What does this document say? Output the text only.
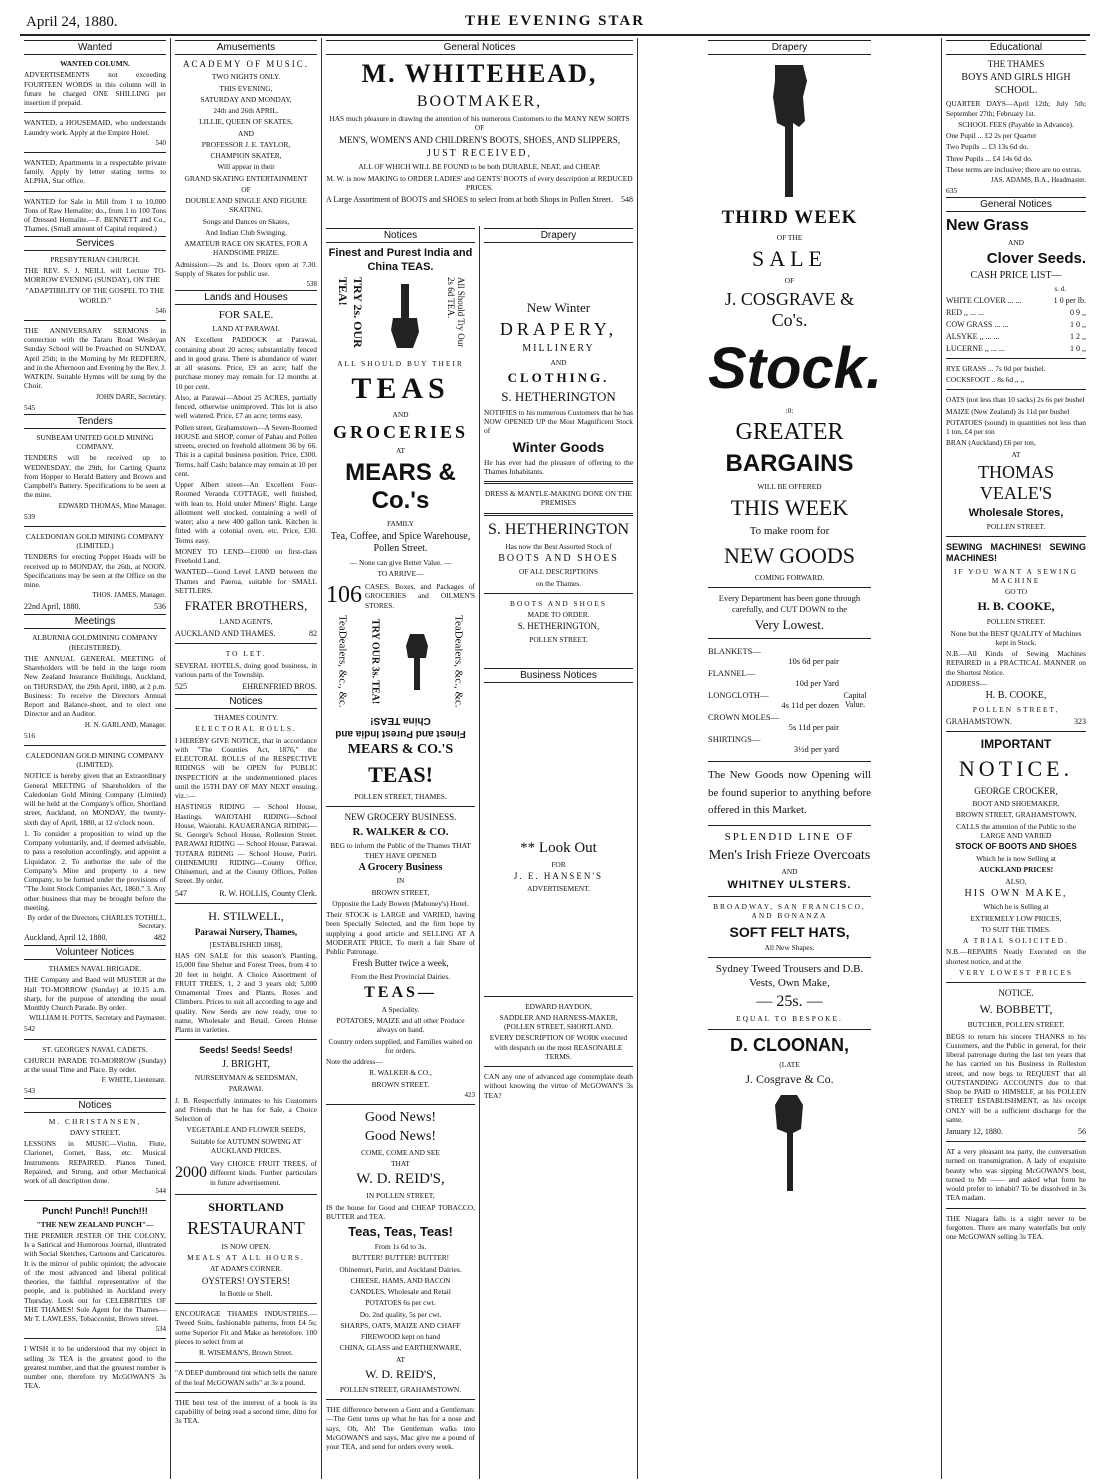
April 24, 1880.	THE EVENING STAR
Wanted
WANTED COLUMN.
ADVERTISEMENTS not exceeding FOURTEEN WORDS in this column will in future be charged ONE SHILLING per insertion if prepaid.
WANTED, a HOUSEMAID, who understands Laundry work. Apply at the Empire Hotel.
540
WANTED, Apartments in a respectable private family. Apply by letter stating terms to ALPHA, Star office.
WANTED for Sale in Mill from 1 to 10,000 Tons of Raw Hemalite; do., from 1 to 100 Tons of Dressed Hemalite.—F. BENNETT and Co., Thames. (Small amount of Capital required.)
Services
PRESBYTERIAN CHURCH.
THE REV. S. J. NEILL will Lecture TO-MORROW EVENING (SUNDAY), ON THE
"ADAPTIBILITY OF THE GOSPEL TO THE WORLD."
546
THE ANNIVERSARY SERMONS in connection with the Tararu Road Wesleyan Sunday School will be Preached on SUNDAY, April 25th; in the Morning by Mr REDFERN, and in the Afternoon and Evening by the Rev. J. WATKIN. Suitable Hymns will be sung by the Choir.
JOHN DARE, Secretary.
545
Tenders
SUNBEAM UNITED GOLD MINING COMPANY.
TENDERS will be received up to WEDNESDAY, the 29th, for Carting Quartz from Hopper to Herald Battery and Brown and Campbell's Battery. Specifications to be seen at the mine.
EDWARD THOMAS, Mine Manager.
539
CALEDONIAN GOLD MINING COMPANY (LIMITED.)
TENDERS for erecting Poppet Heads will be received up to MONDAY, the 26th, at NOON. Specifications may be seen at the Office on the mine.
THOS. JAMES, Manager.
22nd April, 1880.	536
Meetings
ALBURNIA GOLDMINING COMPANY (REGISTERED).
THE ANNUAL GENERAL MEETING of Shareholders will be held in the large room New Zealand Insurance Buildings, Auckland, on THURSDAY, the 29th April, 1880, at 2 p.m. Business: To receive the Directors Annual Report and Balance-sheet, and to elect one Director and an Auditor.
H. N. GARLAND, Manager.
516
CALEDONIAN GOLD MINING COMPANY (LIMITED).
NOTICE is hereby given that an Extraordinary General MEETING of Shareholders of the Caledonian Gold Mining Company (Limited) will be held at the Company's office, Shortland street, Auckland, on MONDAY, the twenty-sixth day of April, 1880, at 12 o'clock noon.
1. To consider a proposition to wind up the Company voluntarily, and, if deemed advisable, to pass a resolution accordingly, and appoint a Liquidator. 2. To authorise the sale of the Company's Mine and property to a new Company, to be formed under the provisions of "The Joint Stock Companies Act, 1860." 3. Any other business that may be brought before the meeting.
By order of the Directors, CHARLES TOTHILL, Secretary.
Auckland, April 12, 1880.	482
Volunteer Notices
THAMES NAVAL BRIGADE.
THE Company and Band will MUSTER at the Hall TO-MORROW (Sunday) at 10.15 a.m. sharp, for the purpose of attending the usual Monthly Church Parade. By order.
WILLIAM H. POTTS, Secretary and Paymaster.
542
ST. GEORGE'S NAVAL CADETS.
CHURCH PARADE TO-MORROW (Sunday) at the usual Time and Place. By order.
F. WHITE, Lieutenant.
543
Notices
M. CHRISTANSEN,
DAVY STREET,
LESSONS in MUSIC—Violin, Flute, Clarionet, Cornet, Bass, etc. Musical Instruments REPAIRED. Pianos Tuned, Repaired, and Strung, and other Mechanical work of all description done.
544
Punch! Punch!! Punch!!!
"THE NEW ZEALAND PUNCH"—
THE PREMIER JESTER OF THE COLONY, Is a Satirical and Humorous Journal, illustrated with Social Sketches, Cartoons and Caricatures. It is the mirror of public opinion; the advocate of the most advanced and liberal political theories, the faithful representative of the people, and is published in Auckland every Thursday. Look out for CELEBRITIES OF THE THAMES! Sole Agent for the Thames—Mr T. LAWLESS, Tobacconist, Brown street.
534
I WISH it to be understood that my object in selling 3s TEA is the greatest good to the greatest number, and that the greatest number is number one, therefore try McGOWAN'S 3s TEA.
Amusements
ACADEMY OF MUSIC.
TWO NIGHTS ONLY.
THIS EVENING,
SATURDAY AND MONDAY,
24th and 26th APRIL.
LILLIE, QUEEN OF SKATES,
AND
PROFESSOR J. E. TAYLOR,
CHAMPION SKATER,
Will appear in their
GRAND SKATING ENTERTAINMENT
OF
DOUBLE AND SINGLE AND FIGURE SKATING.
Songs and Dances on Skates,
And Indian Club Swinging.
AMATEUR RACE ON SKATES, FOR A HANDSOME PRIZE.
Admission:—2s and 1s. Doors open at 7.30. Supply of Skates for public use.
538
Lands and Houses
FOR SALE.
LAND AT PARAWAI.
AN Excellent PADDOCK at Parawai, containing about 20 acres; substantially fenced and in good grass. There is abundance of water at all seasons. Price, £9 an acre; half the purchase money may remain for 12 months at 10 per cent.
Also, at Parawai—About 25 ACRES, partially fenced, otherwise unimproved. This lot is also well watered. Price, £7 an acre; terms easy.
Pollen street, Grahamstown—A Seven-Roomed HOUSE and SHOP, corner of Pahau and Pollen streets, erected on freehold allotment 36 by 66. This is a capital business position. Price, £300. Terms, half Cash; balance may remain at 10 per cent.
Upper Albert street—An Excellent Four-Roomed Veranda COTTAGE, well finished, with lean to. Hold under Miners' Right. Large allotment well stocked, containing a well of water; also a new 400 gallon tank. Kitchen is fitted with a colonial oven, etc. Price, £30. Terms easy.
MONEY TO LEND—£1000 on first-class Freehold Land.
WANTED—Good Level LAND between the Thames and Paeroa, suitable for SMALL SETTLERS.
FRATER BROTHERS,
LAND AGENTS,
AUCKLAND AND THAMES.	82
TO LET.
SEVERAL HOTELS, doing good business, in various parts of the Township.
525	EHRENFRIED BROS.
Notices
THAMES COUNTY.
ELECTORAL ROLLS.
I HEREBY GIVE NOTICE, that in accordance with "The Counties Act, 1876," the ELECTORAL ROLLS of the RESPECTIVE RIDINGS will be OPEN for PUBLIC INSPECTION at the undermentioned places until the 15TH DAY OF MAY NEXT ensuing, viz.:—
HASTINGS RIDING — School House, Hastings. WAIOTAHI RIDING—School House, Waiotahi. KAUAERANGA RIDING—St. George's School House, Rolleston Street. PARAWAI RIDING — School House, Parawai. TOTARA RIDING — School House, Puriri. OHINEMURI RIDING—County Office, Ohinemuri, and at the County Offices, Pollen Street. By order.
547	R. W. HOLLIS, County Clerk.
H. STILWELL,
Parawai Nursery, Thames,
[ESTABLISHED 1868],
HAS ON SALE for this season's Planting, 15,000 fine Shelter and Forest Trees, from 4 to 20 feet in height. A Choice Assortment of FRUIT TREES, 1, 2 and 3 years old; 5,000 Ornamental Trees and Plants, Roses and Climbers. Prices to suit all according to age and quality. New Seeds are now ready, true to name, Wholesale and Retail. Green House Plants in varieties.
Seeds! Seeds! Seeds!
J. BRIGHT,
NURSERYMAN & SEEDSMAN,
PARAWAI.
J. B. Respectfully intimates to his Customers and Friends that he has for Sale, a Choice Selection of
VEGETABLE AND FLOWER SEEDS,
Suitable for AUTUMN SOWING AT AUCKLAND PRICES.
2000
Very CHOICE FRUIT TREES, of different kinds. Further particulars in future advertisement.
SHORTLAND
RESTAURANT
IS NOW OPEN.
MEALS AT ALL HOURS.
AT ADAM'S CORNER.
OYSTERS! OYSTERS!
In Bottle or Shell.
ENCOURAGE THAMES INDUSTRIES.—Tweed Suits, fashionable patterns, from £4 5s; some Superior Fit and Make as heretofore. 100 pieces to select from at
R. WISEMAN'S, Brown Street.
"A DEEP dumbround tint which tells the nature of the leaf McGOWAN sells" at 3s a pound.
THE best test of the interest of a book is its capability of being read a second time, ditto for 3s TEA.
General Notices
M. WHITEHEAD,
BOOTMAKER,
HAS much pleasure in drawing the attention of his numerous Customers to the MANY NEW SORTS OF
MEN'S, WOMEN'S AND CHILDREN'S BOOTS, SHOES, AND SLIPPERS,
JUST RECEIVED,
ALL OF WHICH WILL BE FOUND to be both DURABLE, NEAT, and CHEAP.
M. W. is now MAKING to ORDER LADIES' and GENTS' BOOTS of every description at REDUCED PRICES.
A Large Assortment of BOOTS and SHOES to select from at both Shops in Pollen Street. 548
Notices
Finest and Purest India and China TEAS.
TRY 2s. OUR TEA!	All Should Try Our 2s 6d TEA.
ALL SHOULD BUY THEIR
TEAS
AND
GROCERIES
AT
MEARS & Co.'s
FAMILY
Tea, Coffee, and Spice Warehouse, Pollen Street.
— None can give Better Value. —
TO ARRIVE—
106 CASES, Boxes, and Packages of GROCERIES and OILMEN'S STORES.
TeaDealers, &c., &c. TRY OUR 3s. TEA!	TeaDealers, &c., &c.
Finest and Purest India and China TEAS!
MEARS & CO.'S
TEAS!
POLLEN STREET, THAMES.
NEW GROCERY BUSINESS.
R. WALKER & CO.
BEG to inform the Public of the Thames THAT THEY HAVE OPENED
A Grocery Business
IN
BROWN STREET,
Opposite the Lady Bowen (Mahoney's) Hotel.
Their STOCK is LARGE and VARIED, having been Specially Selected, and the firm hope by supplying a good article and SELLING AT A MODERATE PRICE, To merit a fair Share of Public Patronage.
Fresh Butter twice a week,
From the Best Provincial Dairies.
TEAS—
A Speciality.
POTATOES, MAIZE and all other Produce always on hand.
Country orders supplied, and Families waited on for orders.
Note the address—
R. WALKER & CO.,
BROWN STREET.
423
Good News!
Good News!
COME, COME AND SEE
THAT
W. D. REID'S,
IN POLLEN STREET,
IS the house for Good and CHEAP TOBACCO, BUTTER and TEA.
Teas, Teas, Teas!
From 1s 6d to 3s.
BUTTER! BUTTER! BUTTER!
Ohinemuri, Puriri, and Auckland Dairies.
CHEESE, HAMS, AND BACON
CANDLES, Wholesale and Retail
POTATOES 6s per cwt.
Do. 2nd quality, 5s per cwt.
SHARPS, OATS, MAIZE AND CHAFF
FIREWOOD kept on hand
CHINA, GLASS and EARTHENWARE,
AT
W. D. REID'S,
POLLEN STREET, GRAHAMSTOWN.
THE difference between a Gent and a Gentleman:—The Gent turns up what he has for a nose and says, Oh, Ah! The Gentleman walks into McGOWAN'S and says, Mac give me a pound of your TEA, and send for orders every week.
Drapery
New Winter
DRAPERY,
MILLINERY
AND
CLOTHING.
S. HETHERINGTON
NOTIFIES to his numerous Customers that he has NOW OPENED UP the Most Magnificent Stock of
Winter Goods
He has ever had the pleasure of offering to the Thames Inhabitants.
DRESS & MANTLE-MAKING DONE ON THE PREMISES
S. HETHERINGTON
Has now the Best Assorted Stock of
BOOTS AND SHOES
OF ALL DESCRIPTIONS
on the Thames.
BOOTS AND SHOES
MADE TO ORDER.
S. HETHERINGTON,
POLLEN STREET.
Business Notices
** Look Out
FOR
J. E. HANSEN'S
ADVERTISEMENT.
EDWARD HAYDON,
SADDLER AND HARNESS-MAKER, (POLLEN STREET, SHORTLAND.
EVERY DESCRIPTION OF WORK executed with despatch on the most REASONABLE TERMS.
CAN any one of advanced age contemplate death without knowing the virtue of McGOWAN'S 3s TEA?
Drapery
THIRD WEEK
OF THE
SALE
OF
J. COSGRAVE & Co's.
Stock.
:0:
GREATER
BARGAINS
WILL BE OFFERED
THIS WEEK
To make room for
NEW GOODS
COMING FORWARD.
Every Department has been gone through carefully, and CUT DOWN to the
Very Lowest.
BLANKETS—
10s 6d per pair
FLANNEL—
10d per Yard
LONGCLOTH—
4s 11d per dozen
CROWN MOLES—
5s 11d per pair
SHIRTINGS—
3½d per yard
Capital Value.
The New Goods now Opening will be found superior to anything before offered in this Market.
SPLENDID LINE OF
Men's Irish Frieze Overcoats
AND
WHITNEY ULSTERS.
BROADWAY, SAN FRANCISCO, AND BONANZA
SOFT FELT HATS,
All New Shapes.
Sydney Tweed Trousers and D.B. Vests, Own Make,
— 25s. —
EQUAL TO BESPOKE.
D. CLOONAN,
(LATE
J. Cosgrave & Co.
Educational
THE THAMES
BOYS AND GIRLS HIGH SCHOOL.
QUARTER DAYS—April 12th; July 5th; September 27th; February 1st.
SCHOOL FEES (Payable in Advance).
One Pupil ... £2 2s per Quarter
Two Pupils ... £3 13s 6d do.
Three Pupils ... £4 14s 6d do.
These terms are inclusive; there are no extras.
JAS. ADAMS, B.A., Headmaster.
635
General Notices
New Grass
AND
Clover Seeds.
CASH PRICE LIST—
s. d.
WHITE CLOVER ... ...	1 0 per lb.
RED ,, ... ...	0 9 ,,
COW GRASS ... ...	1 0 ,,
ALSYKE ,, ... ...	1 2 ,,
LUCERNE ,, ... ...	1 0 ,,
RYE GRASS ... 7s 0d per bushel.
COCKSFOOT .. 8s 6d ,, ,,
OATS (not less than 10 sacks) 2s 6s per bushel
MAIZE (New Zealand) 3s 11d per bushel
POTATOES (sound) in quantities not less than 1 ton, £4 per ton
BRAN (Auckland) £6 per ton,
AT
THOMAS VEALE'S
Wholesale Stores,
POLLEN STREET.
SEWING MACHINES! SEWING MACHINES!
IF YOU WANT A SEWING MACHINE
GO TO
H. B. COOKE,
POLLEN STREET.
None but the BEST QUALITY of Machines kept in Stock.
N.B.—All Kinds of Sewing Machines REPAIRED in a PRACTICAL MANNER on the Shortest Notice.
ADDRESS—
H. B. COOKE,
POLLEN STREET,
GRAHAMSTOWN.	323
IMPORTANT
NOTICE.
GEORGE CROCKER,
BOOT AND SHOEMAKER,
BROWN STREET, GRAHAMSTOWN,
CALLS the attention of the Public to the LARGE AND VARIED
STOCK OF BOOTS AND SHOES
Which he is now Selling at
AUCKLAND PRICES!
ALSO,
HIS OWN MAKE,
Which he is Selling at
EXTREMELY LOW PRICES,
TO SUIT THE TIMES.
A TRIAL SOLICITED.
N.B.—REPAIRS Neatly Executed on the shortest notice, and at the
VERY LOWEST PRICES
NOTICE.
W. BOBBETT,
BUTCHER, POLLEN STREET.
BEGS to return his sincere THANKS to his Customers, and the Public in general, for their liberal patronage during the last ten years that he has carried on his Business in Rolleston street, and now begs to REQUEST that all OUTSTANDING ACCOUNTS due to that Shop be PAID to HIMSELF, at his POLLEN STREET ESTABLISHMENT, as his receipt ONLY will be a sufficient discharge for the same.
January 12, 1880.	56
AT a very pleasant tea party, the conversation turned on transmigration. A lady of exquisite beauty who was sipping McGOWAN'S best, turned to Mr —— and asked what form he would prefer to inhabit? To be dissolved in 3s TEA madam.
THE Niagara falls is a sight never to be forgotten. There are many waterfalls but only one McGOWAN selling 3s TEA.
